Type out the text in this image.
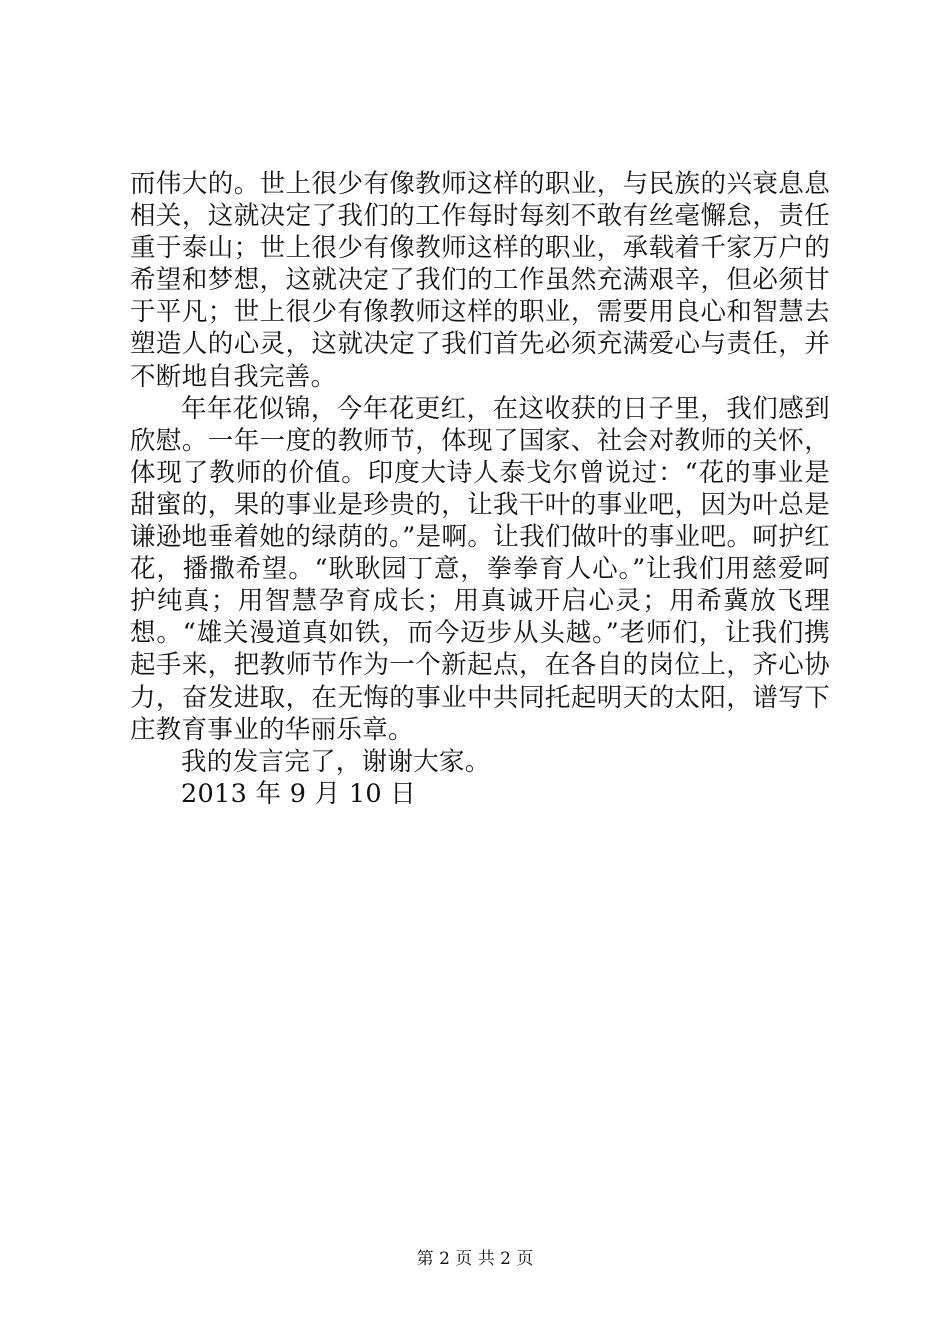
而伟大的。世上很少有像教师这样的职业，与民族的兴衰息息相关，这就决定了我们的工作每时每刻不敢有丝毫懈怠，责任重于泰山；世上很少有像教师这样的职业，承载着千家万户的希望和梦想，这就决定了我们的工作虽然充满艰辛，但必须甘于平凡；世上很少有像教师这样的职业，需要用良心和智慧去塑造人的心灵，这就决定了我们首先必须充满爱心与责任，并不断地自我完善。

年年花似锦，今年花更红，在这收获的日子里，我们感到欣慰。一年一度的教师节，体现了国家、社会对教师的关怀，体现了教师的价值。印度大诗人泰戈尔曾说过：“花的事业是甜蜜的，果的事业是珍贵的，让我干叶的事业吧，因为叶总是谦逊地垂着她的绿荫的。”是啊。让我们做叶的事业吧。呵护红花，播撒希望。“耿耿园丁意，拳拳育人心。”让我们用慈爱呵护纯真；用智慧孕育成长；用真诚开启心灵；用希冀放飞理想。“雄关漫道真如铁，而今迈步从头越。”老师们，让我们携起手来，把教师节作为一个新起点，在各自的岗位上，齐心协力，奋发进取，在无悔的事业中共同托起明天的太阳，谱写下庄教育事业的华丽乐章。

我的发言完了，谢谢大家。

2013 年 9 月 10 日

第 2 页 共 2 页
